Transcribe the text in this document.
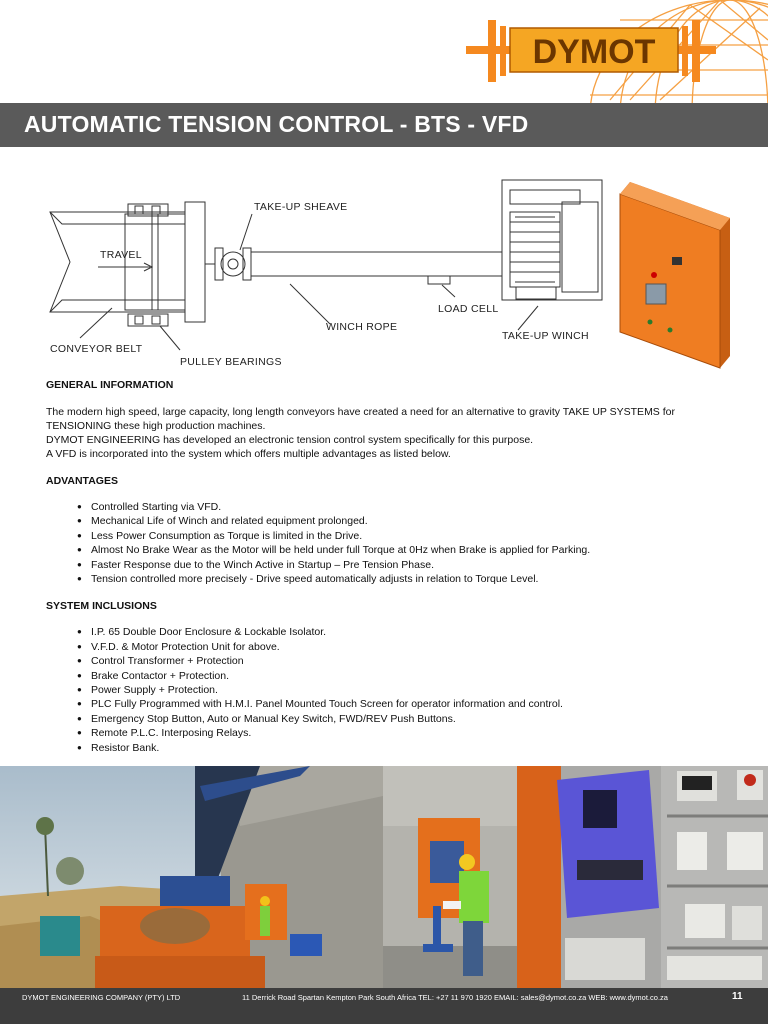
DYMOT
AUTOMATIC TENSION CONTROL - BTS - VFD
TAKE-UP SHEAVE
TRAVEL
LOAD CELL
WINCH ROPE
TAKE-UP WINCH
CONVEYOR BELT
PULLEY BEARINGS
GENERAL INFORMATION
The modern high speed, large capacity, long length conveyors have created a need for an alternative to gravity TAKE UP SYSTEMS for
TENSIONING these high production machines.
DYMOT ENGINEERING has developed an electronic tension control system specifically for this purpose.
A VFD is incorporated into the system which offers multiple advantages as listed below.
ADVANTAGES
● Controlled Starting via VFD.
● Mechanical Life of Winch and related equipment prolonged.
● Less Power Consumption as Torque is limited in the Drive.
● Almost No Brake Wear as the Motor will be held under full Torque at 0Hz when Brake is applied for Parking.
● Faster Response due to the Winch Active in Startup – Pre Tension Phase.
● Tension controlled more precisely - Drive speed automatically adjusts in relation to Torque Level.
SYSTEM INCLUSIONS
● I.P. 65 Double Door Enclosure & Lockable Isolator.
● V.F.D. & Motor Protection Unit for above.
● Control Transformer + Protection
● Brake Contactor + Protection.
● Power Supply + Protection.
● PLC Fully Programmed with H.M.I. Panel Mounted Touch Screen for operator information and control.
● Emergency Stop Button, Auto or Manual Key Switch, FWD/REV Push Buttons.
● Remote P.L.C. Interposing Relays.
● Resistor Bank.
DYMOT ENGINEERING COMPANY (PTY) LTD	11 Derrick Road Spartan Kempton Park South Africa TEL: +27 11 970 1920 EMAIL: sales@dymot.co.za WEB: www.dymot.co.za	11
